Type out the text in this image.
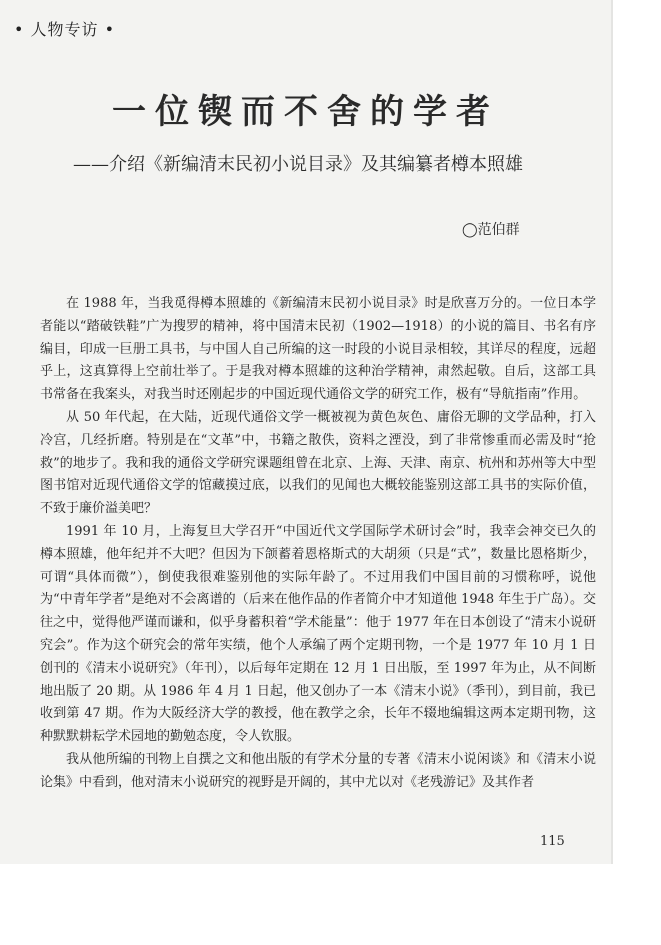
• 人物专访 •
一位锲而不舍的学者
——介绍《新编清末民初小说目录》及其编纂者樽本照雄
◯范伯群

在 1988 年，当我觅得樽本照雄的《新编清末民初小说目录》时是欣喜万分的。一位日本学者能以“踏破铁鞋”广为搜罗的精神，将中国清末民初（1902—1918）的小说的篇目、书名有序编目，印成一巨册工具书，与中国人自己所编的这一时段的小说目录相较，其详尽的程度，远超乎上，这真算得上空前壮举了。于是我对樽本照雄的这种治学精神，肃然起敬。自后，这部工具书常备在我案头，对我当时还刚起步的中国近现代通俗文学的研究工作，极有“导航指南”作用。

从 50 年代起，在大陆，近现代通俗文学一概被视为黄色灰色、庸俗无聊的文学品种，打入冷宫，几经折磨。特别是在“文革”中，书籍之散佚，资料之湮没，到了非常惨重而必需及时“抢救”的地步了。我和我的通俗文学研究课题组曾在北京、上海、天津、南京、杭州和苏州等大中型图书馆对近现代通俗文学的馆藏摸过底，以我们的见闻也大概较能鉴别这部工具书的实际价值，不致于廉价溢美吧？

1991 年 10 月，上海复旦大学召开“中国近代文学国际学术研讨会”时，我幸会神交已久的樽本照雄，他年纪并不大吧？但因为下颌蓄着恩格斯式的大胡须（只是“式”，数量比恩格斯少，可谓“具体而微”），倒使我很难鉴别他的实际年龄了。不过用我们中国目前的习惯称呼，说他为“中青年学者”是绝对不会离谱的（后来在他作品的作者简介中才知道他 1948 年生于广岛）。交往之中，觉得他严谨而谦和，似乎身蓄积着“学术能量”：他于 1977 年在日本创设了“清末小说研究会”。作为这个研究会的常年实绩，他个人承编了两个定期刊物，一个是 1977 年 10 月 1 日创刊的《清末小说研究》（年刊），以后每年定期在 12 月 1 日出版，至 1997 年为止，从不间断地出版了 20 期。从 1986 年 4 月 1 日起，他又创办了一本《清末小说》（季刊），到目前，我已收到第 47 期。作为大阪经济大学的教授，他在教学之余，长年不辍地编辑这两本定期刊物，这种默默耕耘学术园地的勤勉态度，令人钦服。

我从他所编的刊物上自撰之文和他出版的有学术分量的专著《清末小说闲谈》和《清末小说论集》中看到，他对清末小说研究的视野是开阔的，其中尤以对《老残游记》及其作者

115
